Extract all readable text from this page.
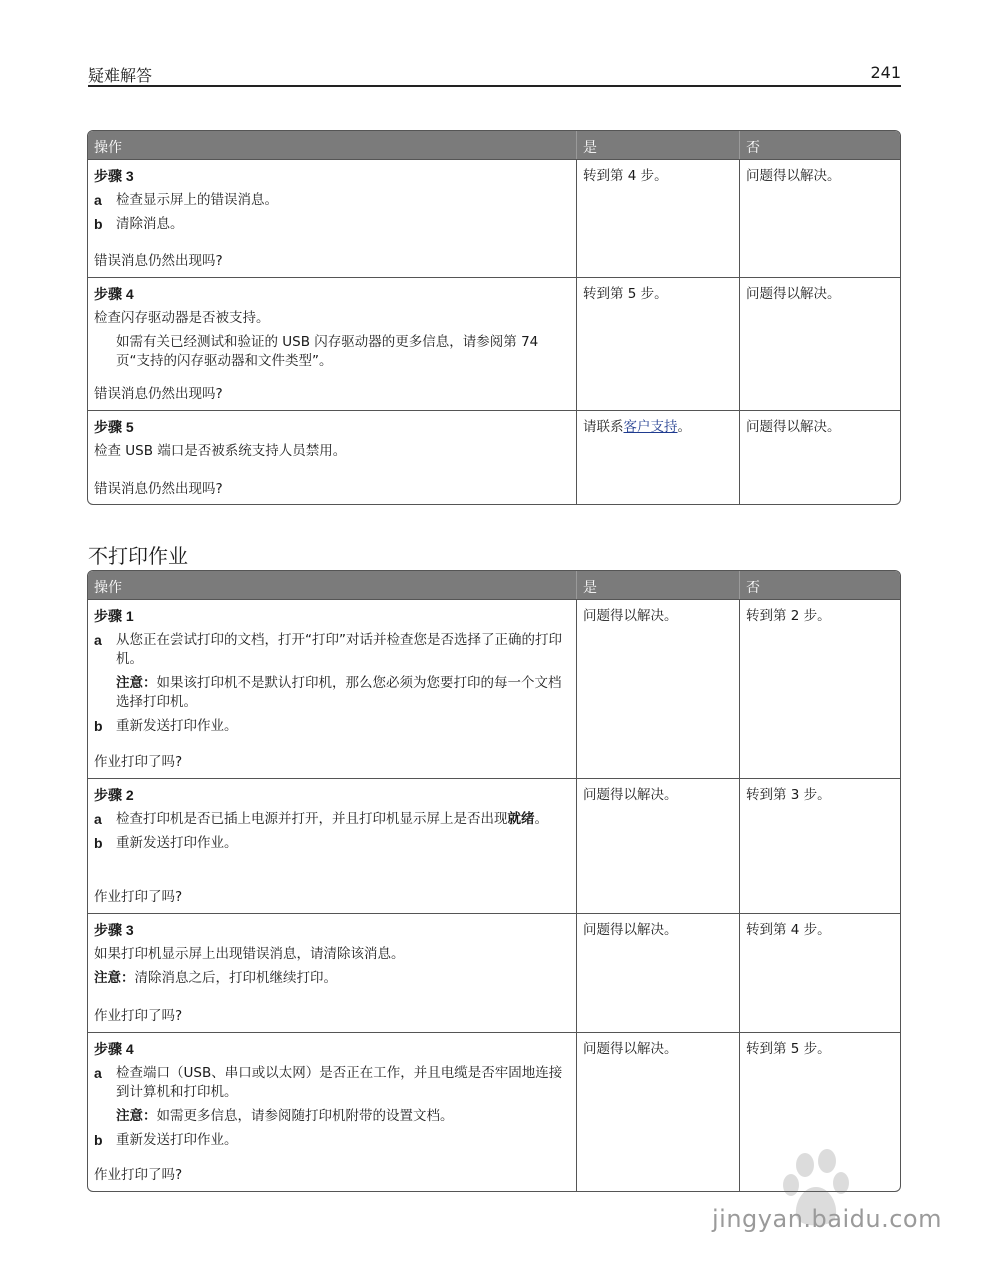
疑难解答	241
操作	是	否
步骤 3
a	检查显示屏上的错误消息。
b 清除消息。
错误消息仍然出现吗?
转到第 4 步。	问题得以解决。
步骤 4
检查闪存驱动器是否被支持。
如需有关已经测试和验证的 USB 闪存驱动器的更多信息，请参阅第 74 页“支持的闪存驱动器和文件类型”。
错误消息仍然出现吗?
转到第 5 步。	问题得以解决。
步骤 5
检查 USB 端口是否被系统支持人员禁用。
错误消息仍然出现吗?
请联系客户支持。	问题得以解决。
不打印作业
操作	是	否
步骤 1
a	从您正在尝试打印的文档，打开“打印”对话并检查您是否选择了正确的打印机。
注意：如果该打印机不是默认打印机，那么您必须为您要打印的每一个文档选择打印机。
b 重新发送打印作业。
作业打印了吗?
问题得以解决。	转到第 2 步。
步骤 2
a	检查打印机是否已插上电源并打开，并且打印机显示屏上是否出现就绪。
b 重新发送打印作业。
作业打印了吗?
问题得以解决。	转到第 3 步。
步骤 3
如果打印机显示屏上出现错误消息，请清除该消息。
注意：清除消息之后，打印机继续打印。
作业打印了吗?
问题得以解决。	转到第 4 步。
步骤 4
a	检查端口（USB、串口或以太网）是否正在工作，并且电缆是否牢固地连接到计算机和打印机。
注意：如需更多信息，请参阅随打印机附带的设置文档。
b 重新发送打印作业。
作业打印了吗?
问题得以解决。	转到第 5 步。
jingyan.baidu.com
